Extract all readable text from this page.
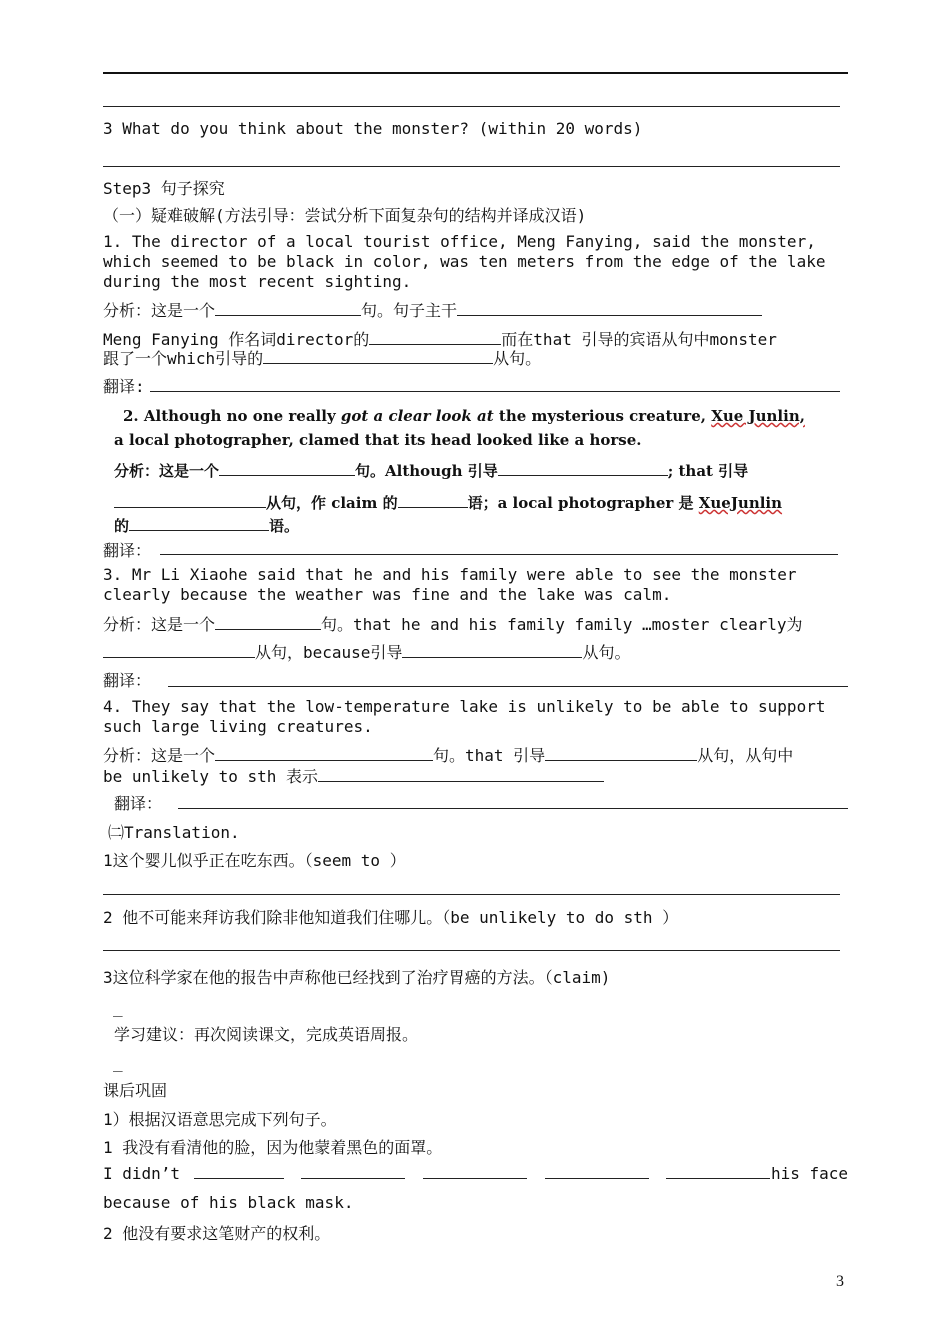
3 What do you think about the monster? (within 20 words)
Step3 句子探究
（一）疑难破解(方法引导：尝试分析下面复杂句的结构并译成汉语)
1. The director of a local tourist office, Meng Fanying, said the monster,
which seemed to be black in color, was ten meters from the edge of the lake
during the most recent sighting.
分析：这是一个	句。句子主干
Meng Fanying 作名词director的	而在that 引导的宾语从句中monster
跟了一个which引导的	从句。
翻译:
2. Although no one really got a clear look at the mysterious creature, Xue Junlin,
a local photographer, clamed that its head looked like a horse.
分析：这是一个	句。Although 引导	; that 引导
从句，作 claim 的	语；a local photographer 是 XueJunlin
的	语。
翻译：
3. Mr Li Xiaohe said that he and his family were able to see the monster
clearly because the weather was fine and the lake was calm.
分析：这是一个	句。that he and his family family …moster clearly为
从句，because引导	从句。
翻译：
4. They say that the low-temperature lake is unlikely to be able to support
such large living creatures.
分析：这是一个	句。that 引导	从句，从句中
be unlikely to sth 表示
翻译：
㈡Translation.
1这个婴儿似乎正在吃东西。（seem to ）
2 他不可能来拜访我们除非他知道我们住哪儿。（be unlikely to do sth ）
3这位科学家在他的报告中声称他已经找到了治疗胃癌的方法。（claim)
_
学习建议：再次阅读课文，完成英语周报。
_
课后巩固
1）根据汉语意思完成下列句子。
1 我没有看清他的脸，因为他蒙着黑色的面罩。
I didn’t	his face
because of his black mask.
2 他没有要求这笔财产的权利。
3
